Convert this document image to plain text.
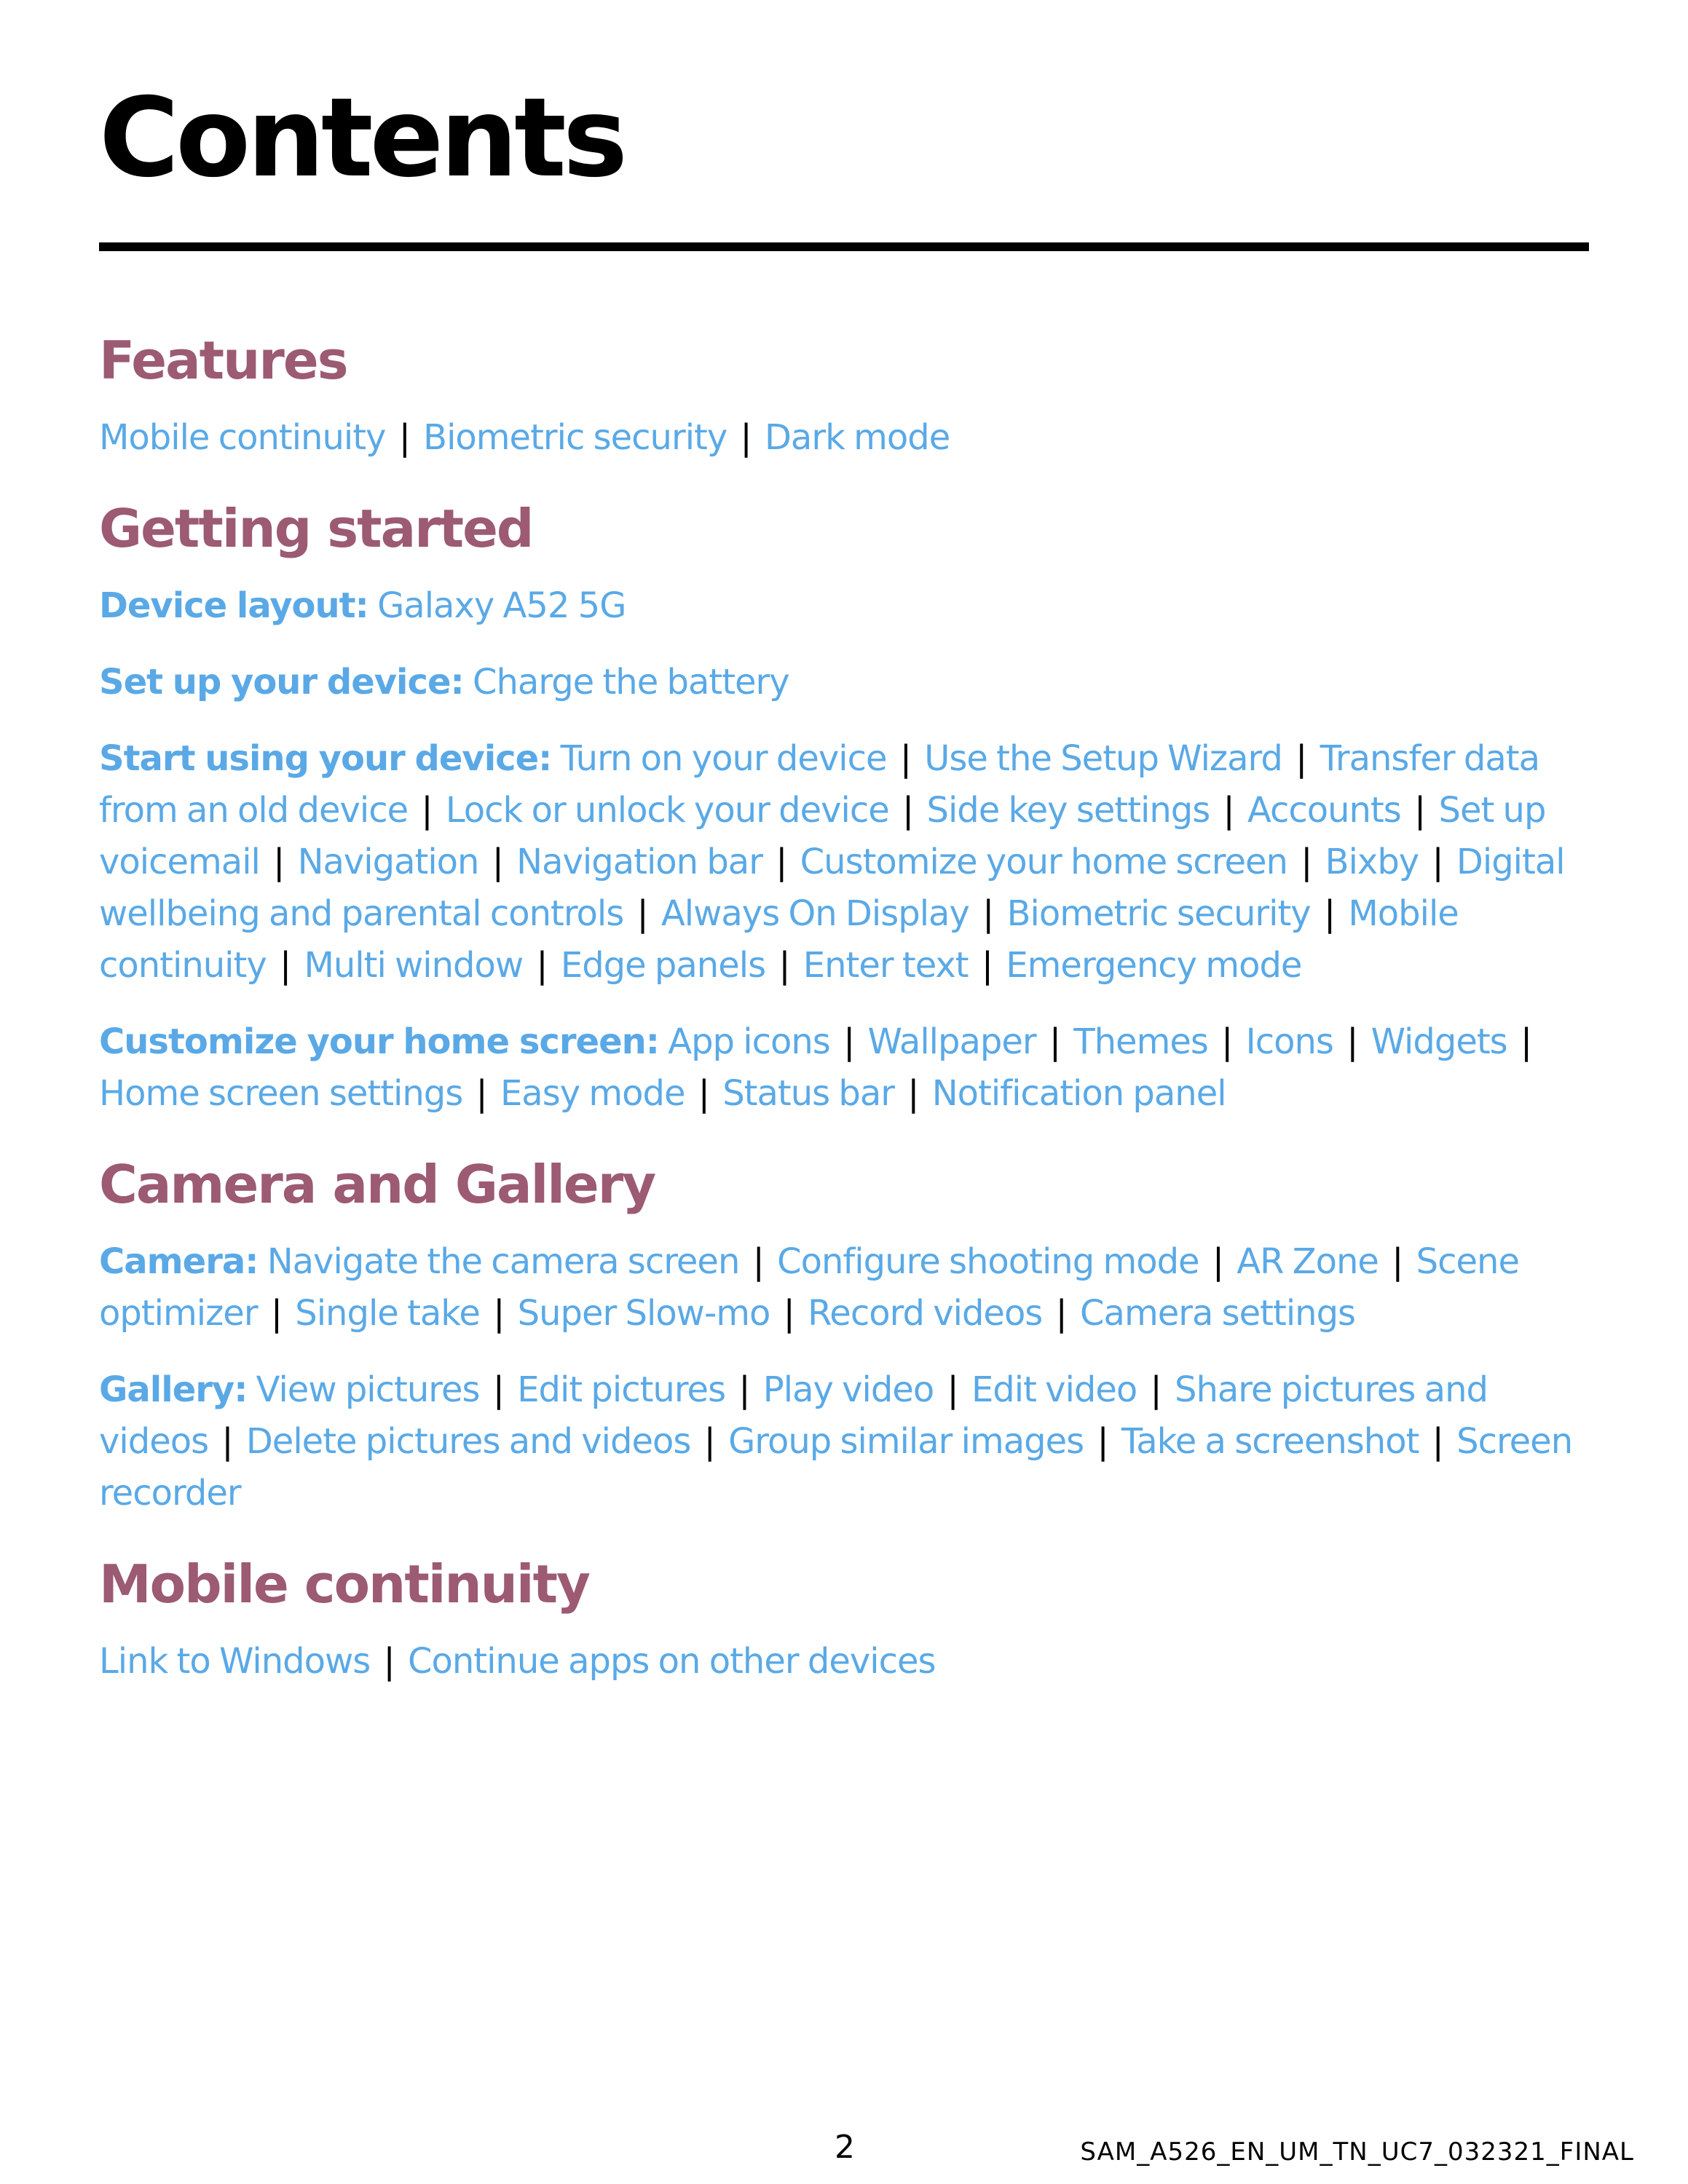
Contents
Features

Mobile continuity | Biometric security | Dark mode

Getting started

Device layout: Galaxy A52 5G

Set up your device: Charge the battery

Start using your device: Turn on your device | Use the Setup Wizard | Transfer data from an old device | Lock or unlock your device | Side key settings | Accounts | Set up voicemail | Navigation | Navigation bar | Customize your home screen | Bixby | Digital wellbeing and parental controls | Always On Display | Biometric security | Mobile continuity | Multi window | Edge panels | Enter text | Emergency mode

Customize your home screen: App icons | Wallpaper | Themes | Icons | Widgets | Home screen settings | Easy mode | Status bar | Notification panel

Camera and Gallery

Camera: Navigate the camera screen | Configure shooting mode | AR Zone | Scene optimizer | Single take | Super Slow-mo | Record videos | Camera settings

Gallery: View pictures | Edit pictures | Play video | Edit video | Share pictures and videos | Delete pictures and videos | Group similar images | Take a screenshot | Screen recorder

Mobile continuity

Link to Windows | Continue apps on other devices

2	SAM_A526_EN_UM_TN_UC7_032321_FINAL
